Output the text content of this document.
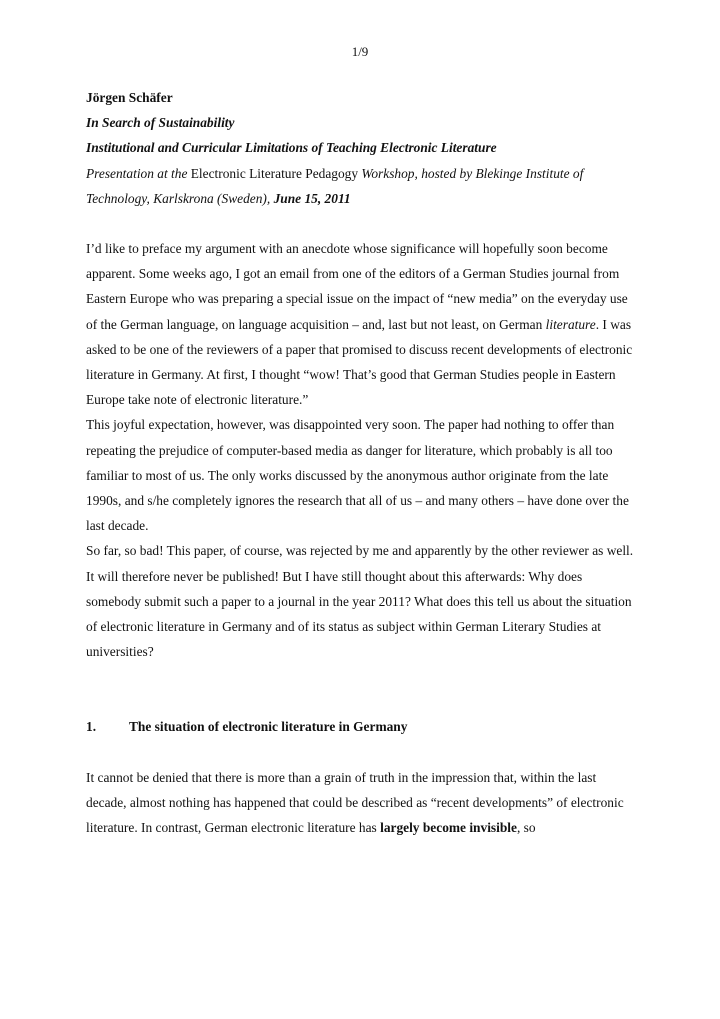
1/9

Jörgen Schäfer

In Search of Sustainability

Institutional and Curricular Limitations of Teaching Electronic Literature

Presentation at the Electronic Literature Pedagogy Workshop, hosted by Blekinge Institute of Technology, Karlskrona (Sweden), June 15, 2011

I’d like to preface my argument with an anecdote whose significance will hopefully soon become apparent. Some weeks ago, I got an email from one of the editors of a German Studies journal from Eastern Europe who was preparing a special issue on the impact of “new media” on the everyday use of the German language, on language acquisition – and, last but not least, on German literature. I was asked to be one of the reviewers of a paper that promised to discuss recent developments of electronic literature in Germany. At first, I thought “wow! That’s good that German Studies people in Eastern Europe take note of electronic literature.”

This joyful expectation, however, was disappointed very soon. The paper had nothing to offer than repeating the prejudice of computer-based media as danger for literature, which probably is all too familiar to most of us. The only works discussed by the anonymous author originate from the late 1990s, and s/he completely ignores the research that all of us – and many others – have done over the last decade.

So far, so bad! This paper, of course, was rejected by me and apparently by the other reviewer as well. It will therefore never be published! But I have still thought about this afterwards: Why does somebody submit such a paper to a journal in the year 2011? What does this tell us about the situation of electronic literature in Germany and of its status as subject within German Literary Studies at universities?

1.	The situation of electronic literature in Germany

It cannot be denied that there is more than a grain of truth in the impression that, within the last decade, almost nothing has happened that could be described as “recent developments” of electronic literature. In contrast, German electronic literature has largely become invisible, so
